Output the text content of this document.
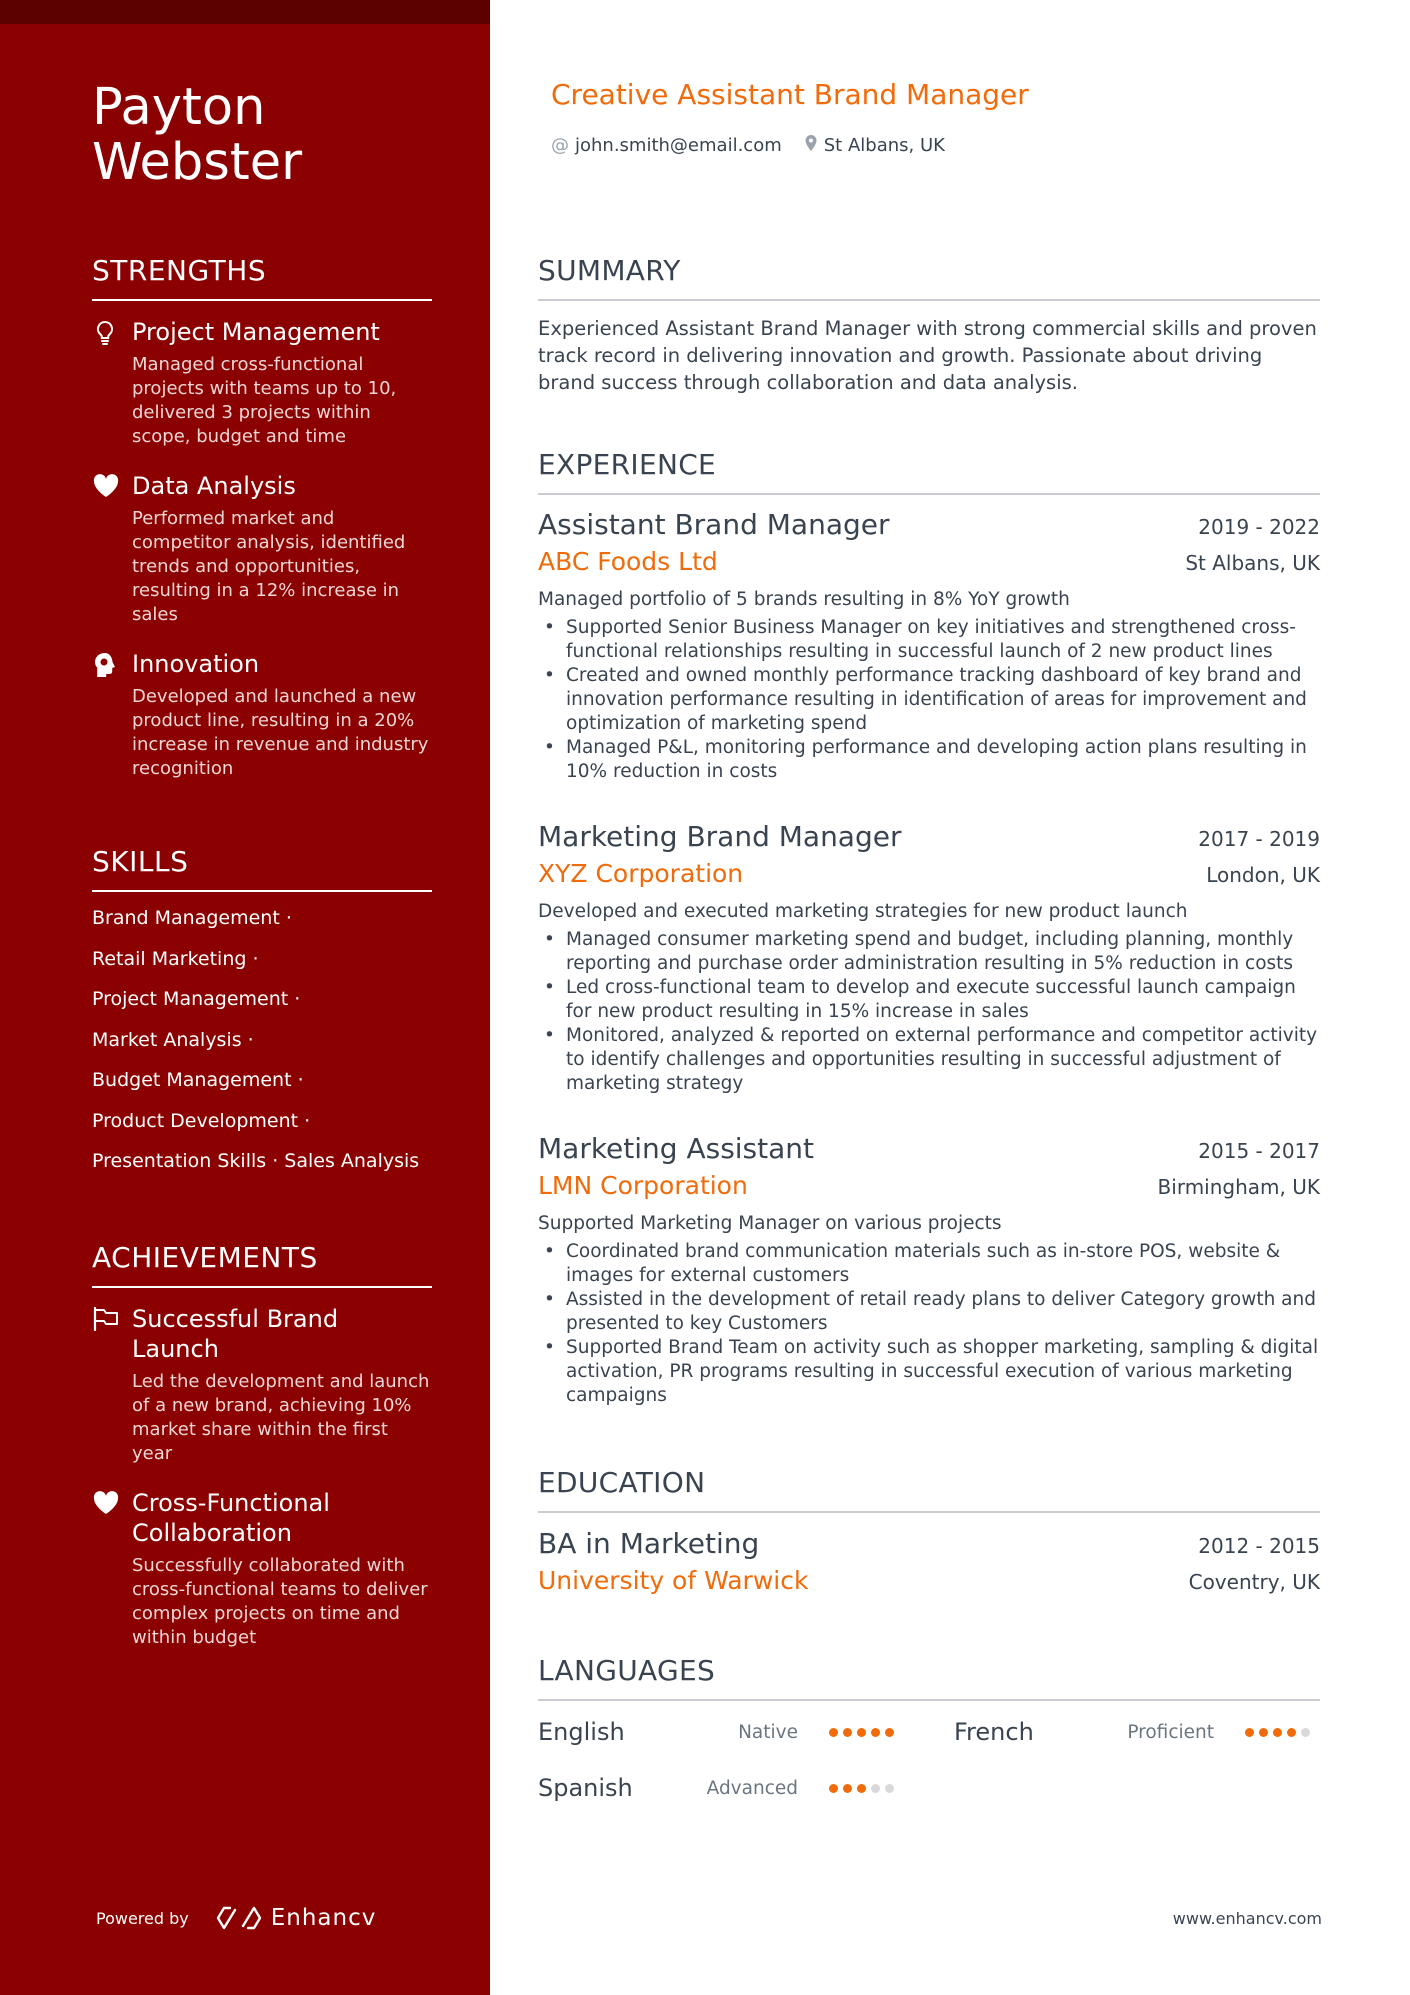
Payton Webster
STRENGTHS
Project Management
Managed cross-functional projects with teams up to 10, delivered 3 projects within scope, budget and time
Data Analysis
Performed market and competitor analysis, identified trends and opportunities, resulting in a 12% increase in sales
Innovation
Developed and launched a new product line, resulting in a 20% increase in revenue and industry recognition
SKILLS
Brand Management ·
Retail Marketing ·
Project Management ·
Market Analysis ·
Budget Management ·
Product Development ·
Presentation Skills · Sales Analysis
ACHIEVEMENTS
Successful Brand Launch
Led the development and launch of a new brand, achieving 10% market share within the first year
Cross-Functional Collaboration
Successfully collaborated with cross-functional teams to deliver complex projects on time and within budget
Powered by	Enhancv
Creative Assistant Brand Manager
@ john.smith@email.com St Albans, UK
SUMMARY
Experienced Assistant Brand Manager with strong commercial skills and proven track record in delivering innovation and growth. Passionate about driving brand success through collaboration and data analysis.
EXPERIENCE
Assistant Brand Manager	2019 - 2022
ABC Foods Ltd	St Albans, UK
Managed portfolio of 5 brands resulting in 8% YoY growth
• Supported Senior Business Manager on key initiatives and strengthened cross-functional relationships resulting in successful launch of 2 new product lines
• Created and owned monthly performance tracking dashboard of key brand and innovation performance resulting in identification of areas for improvement and optimization of marketing spend
• Managed P&L, monitoring performance and developing action plans resulting in 10% reduction in costs
Marketing Brand Manager	2017 - 2019
XYZ Corporation	London, UK
Developed and executed marketing strategies for new product launch
• Managed consumer marketing spend and budget, including planning, monthly reporting and purchase order administration resulting in 5% reduction in costs
• Led cross-functional team to develop and execute successful launch campaign for new product resulting in 15% increase in sales
• Monitored, analyzed & reported on external performance and competitor activity to identify challenges and opportunities resulting in successful adjustment of marketing strategy
Marketing Assistant	2015 - 2017
LMN Corporation	Birmingham, UK
Supported Marketing Manager on various projects
• Coordinated brand communication materials such as in-store POS, website & images for external customers
• Assisted in the development of retail ready plans to deliver Category growth and presented to key Customers
• Supported Brand Team on activity such as shopper marketing, sampling & digital activation, PR programs resulting in successful execution of various marketing campaigns
EDUCATION
BA in Marketing	2012 - 2015
University of Warwick	Coventry, UK
LANGUAGES
English	Native	French	Proficient
Spanish	Advanced
www.enhancv.com
